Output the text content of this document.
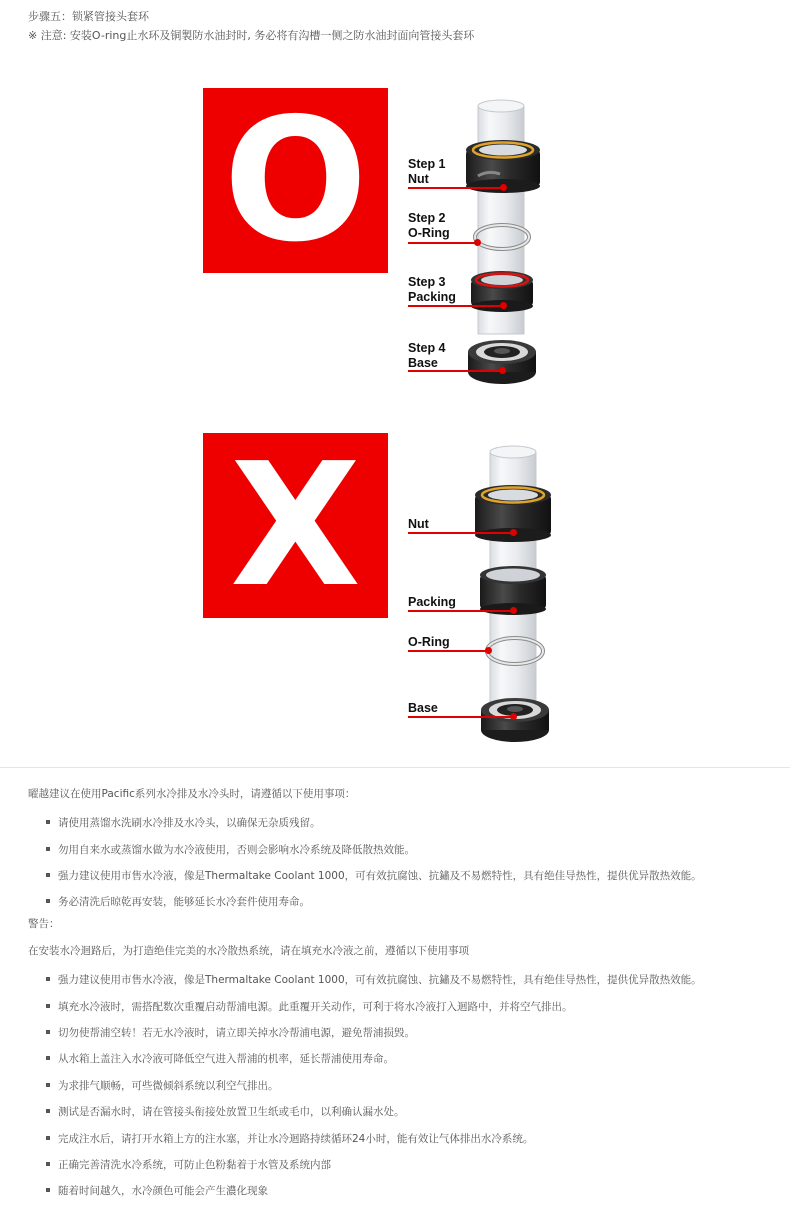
步骤五：锁紧管接头套环
※ 注意: 安装O-ring止水环及铜製防水油封时, 务必将有沟槽一侧之防水油封面向管接头套环
O
X
Step 1
Nut
Step 2
O-Ring
Step 3
Packing
Step 4
Base
Nut
Packing
O-Ring
Base
曜越建议在使用Pacific系列水冷排及水冷头时，请遵循以下使用事项：
请使用蒸馏水洗刷水冷排及水冷头，以确保无杂质残留。
勿用自来水或蒸馏水做为水冷液使用，否则会影响水冷系统及降低散热效能。
强力建议使用市售水冷液，像是Thermaltake Coolant 1000，可有效抗腐蚀、抗鏽及不易燃特性，具有绝佳导热性，提供优异散热效能。
务必清洗后晾乾再安装，能够延长水冷套件使用寿命。
警告：
在安装水冷迴路后，为打造绝佳完美的水冷散热系统，请在填充水冷液之前，遵循以下使用事项
强力建议使用市售水冷液，像是Thermaltake Coolant 1000，可有效抗腐蚀、抗鏽及不易燃特性，具有绝佳导热性，提供优异散热效能。
填充水冷液时，需搭配数次重覆启动帮浦电源。此重覆开关动作，可利于将水冷液打入迴路中，并将空气排出。
切勿使帮浦空转！若无水冷液时，请立即关掉水冷帮浦电源，避免帮浦损毁。
从水箱上盖注入水冷液可降低空气进入帮浦的机率，延长帮浦使用寿命。
为求排气顺畅，可些微倾斜系统以利空气排出。
测试是否漏水时，请在管接头衔接处放置卫生纸或毛巾，以利确认漏水处。
完成注水后，请打开水箱上方的注水塞，并让水冷迴路持续循环24小时，能有效让气体排出水冷系统。
正确完善清洗水冷系统，可防止色粉黏着于水管及系统内部
随着时间越久，水冷颜色可能会产生濃化现象
